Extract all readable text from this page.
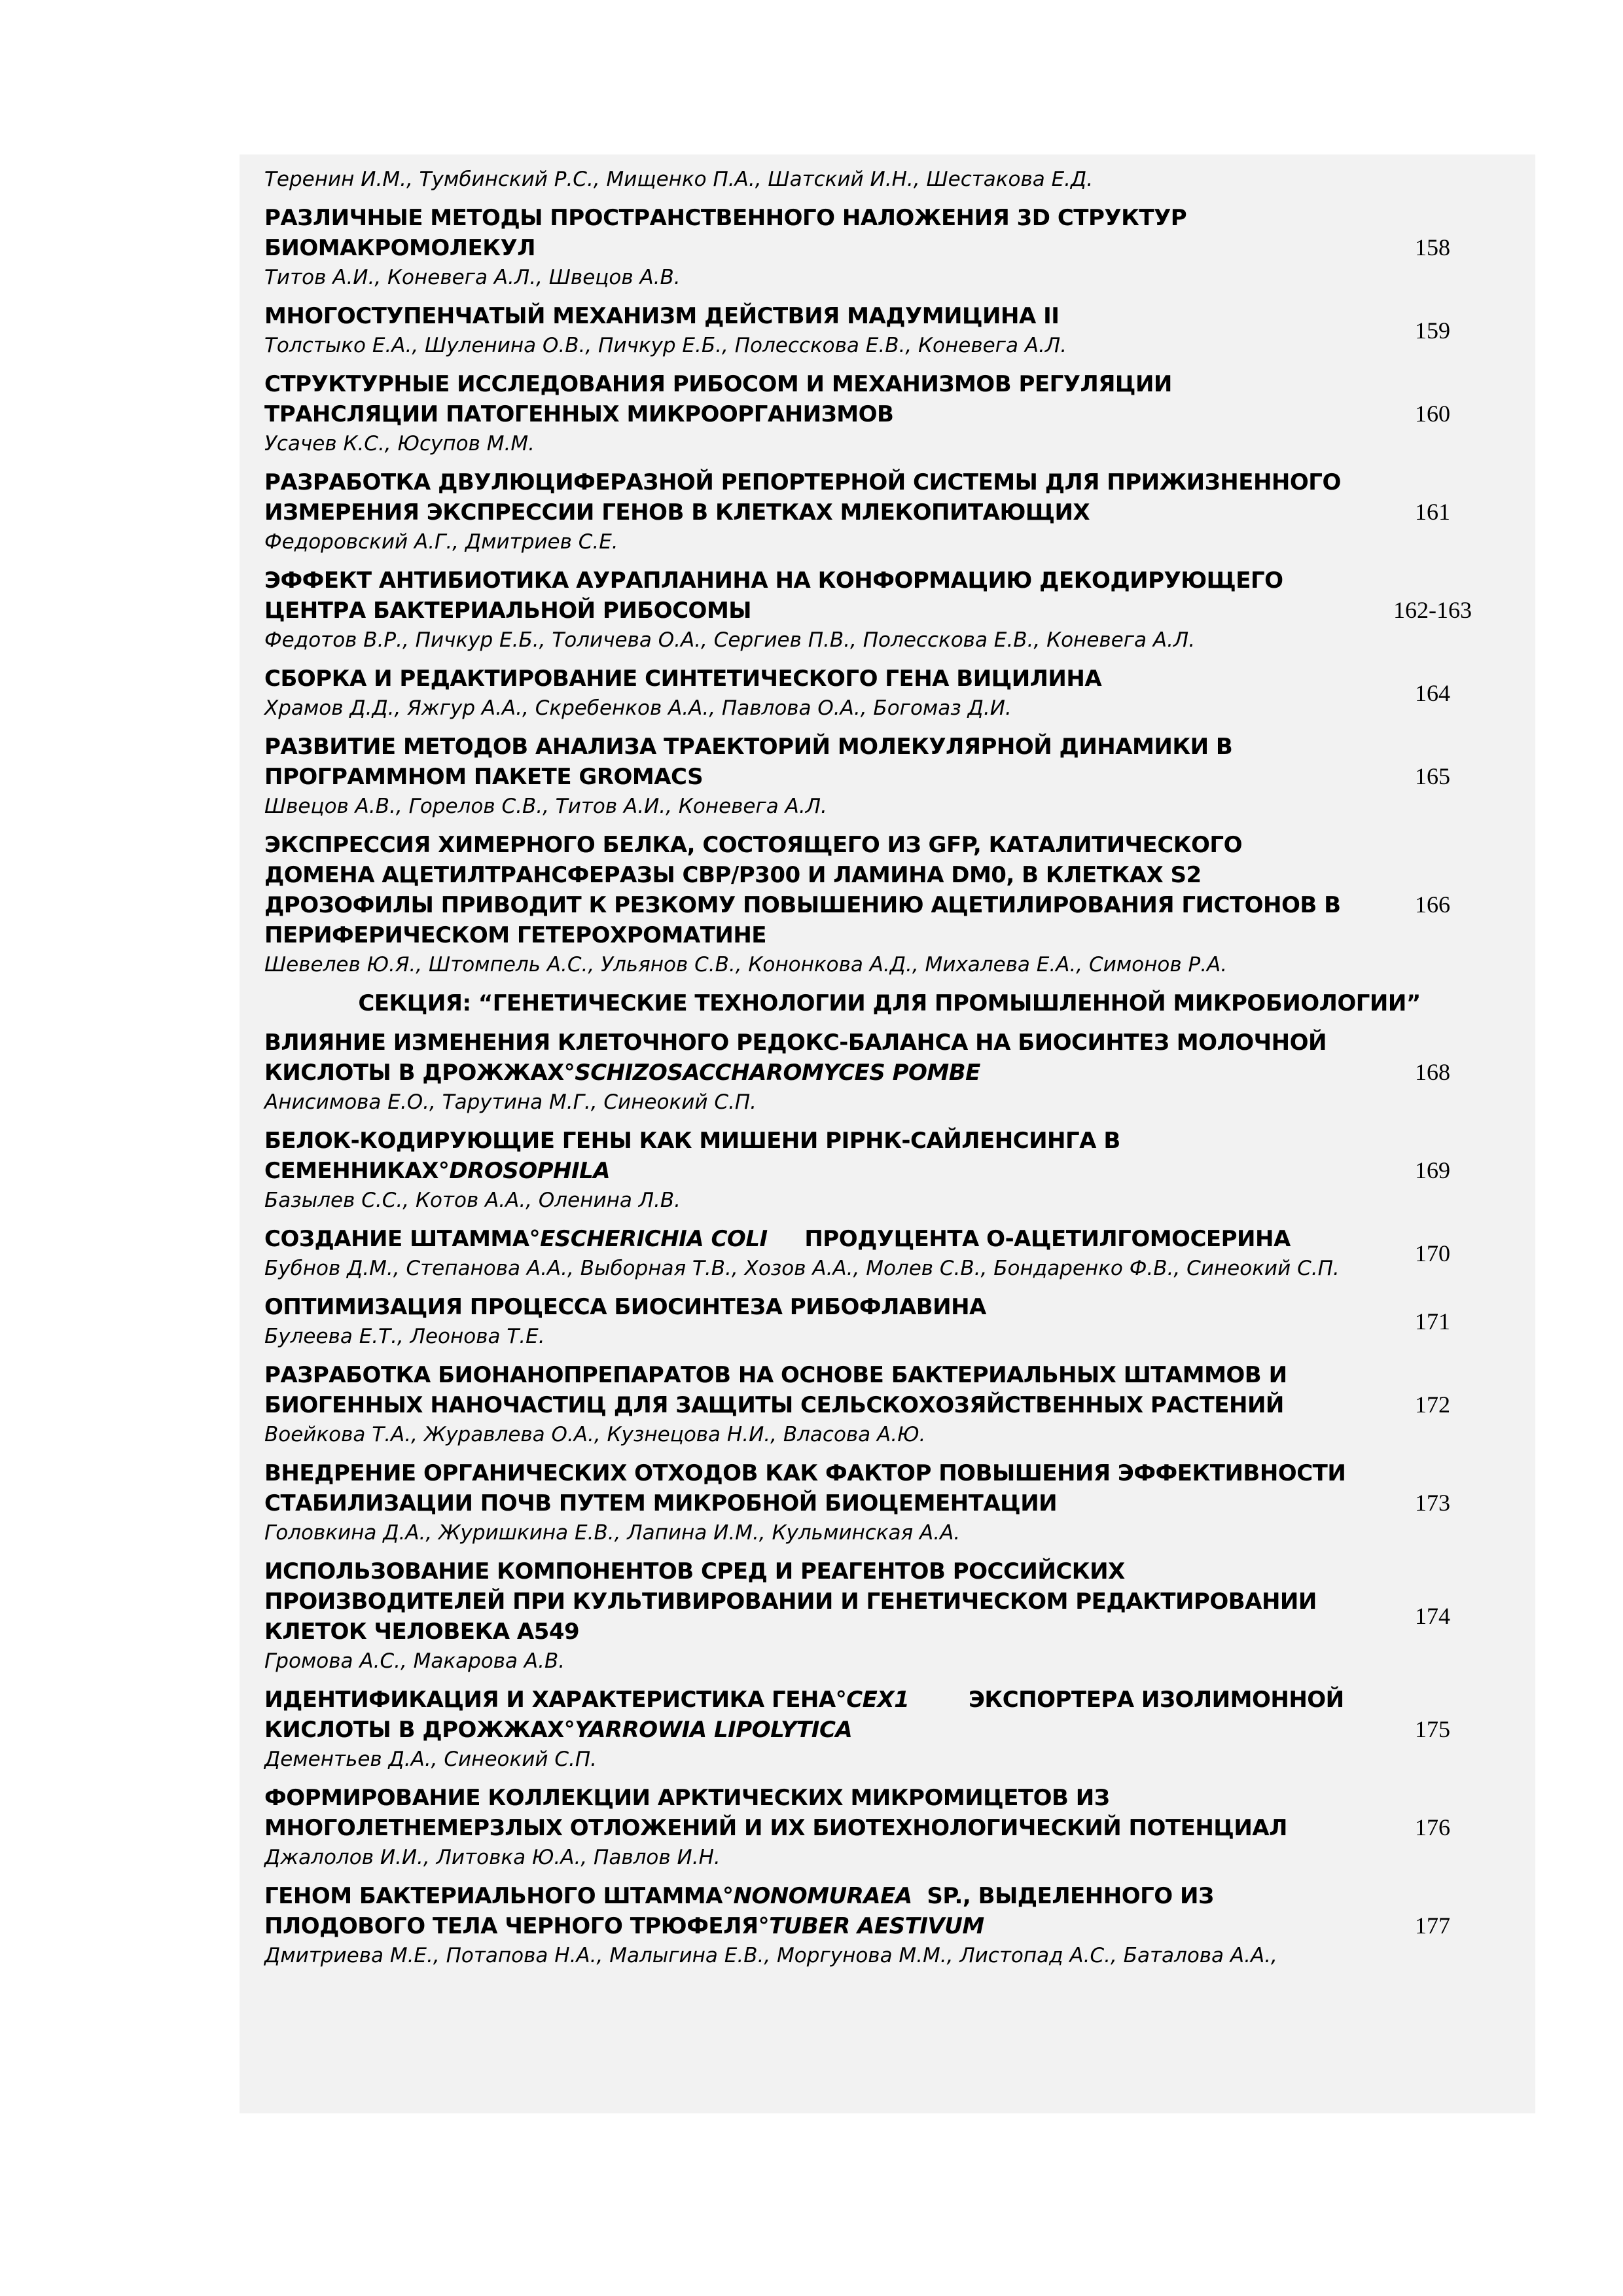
Теренин И.М., Тумбинский Р.С., Мищенко П.А., Шатский И.Н., Шестакова Е.Д.
РАЗЛИЧНЫЕ МЕТОДЫ ПРОСТРАНСТВЕННОГО НАЛОЖЕНИЯ 3D СТРУКТУР БИОМАКРОМОЛЕКУЛ
Титов А.И., Коневега А.Л., Швецов А.В.
158
МНОГОСТУПЕНЧАТЫЙ МЕХАНИЗМ ДЕЙСТВИЯ МАДУМИЦИНА II
Толстыко Е.А., Шуленина О.В., Пичкур Е.Б., Полесскова Е.В., Коневега А.Л.
159
СТРУКТУРНЫЕ ИССЛЕДОВАНИЯ РИБОСОМ И МЕХАНИЗМОВ РЕГУЛЯЦИИ ТРАНСЛЯЦИИ ПАТОГЕННЫХ МИКРООРГАНИЗМОВ
Усачев К.С., Юсупов М.М.
160
РАЗРАБОТКА ДВУЛЮЦИФЕРАЗНОЙ РЕПОРТЕРНОЙ СИСТЕМЫ ДЛЯ ПРИЖИЗНЕННОГО ИЗМЕРЕНИЯ ЭКСПРЕССИИ ГЕНОВ В КЛЕТКАХ МЛЕКОПИТАЮЩИХ
Федоровский А.Г., Дмитриев С.Е.
161
ЭФФЕКТ АНТИБИОТИКА АУРАПЛАНИНА НА КОНФОРМАЦИЮ ДЕКОДИРУЮЩЕГО ЦЕНТРА БАКТЕРИАЛЬНОЙ РИБОСОМЫ
Федотов В.Р., Пичкур Е.Б., Толичева О.А., Сергиев П.В., Полесскова Е.В., Коневега А.Л.
162-163
СБОРКА И РЕДАКТИРОВАНИЕ СИНТЕТИЧЕСКОГО ГЕНА ВИЦИЛИНА
Храмов Д.Д., Яжгур А.А., Скребенков А.А., Павлова О.А., Богомаз Д.И.
164
РАЗВИТИЕ МЕТОДОВ АНАЛИЗА ТРАЕКТОРИЙ МОЛЕКУЛЯРНОЙ ДИНАМИКИ В ПРОГРАММНОМ ПАКЕТЕ GROMACS
Швецов А.В., Горелов С.В., Титов А.И., Коневега А.Л.
165
ЭКСПРЕССИЯ ХИМЕРНОГО БЕЛКА, СОСТОЯЩЕГО ИЗ GFP, КАТАЛИТИЧЕСКОГО ДОМЕНА АЦЕТИЛТРАНСФЕРАЗЫ CBP/P300 И ЛАМИНА DM0, В КЛЕТКАХ S2 ДРОЗОФИЛЫ ПРИВОДИТ К РЕЗКОМУ ПОВЫШЕНИЮ АЦЕТИЛИРОВАНИЯ ГИСТОНОВ В ПЕРИФЕРИЧЕСКОМ ГЕТЕРОХРОМАТИНЕ
Шевелев Ю.Я., Штомпель А.С., Ульянов С.В., Кононкова А.Д., Михалева Е.А., Симонов Р.А.
166
СЕКЦИЯ: “ГЕНЕТИЧЕСКИЕ ТЕХНОЛОГИИ ДЛЯ ПРОМЫШЛЕННОЙ МИКРОБИОЛОГИИ”
ВЛИЯНИЕ ИЗМЕНЕНИЯ КЛЕТОЧНОГО РЕДОКС-БАЛАНСА НА БИОСИНТЕЗ МОЛОЧНОЙ КИСЛОТЫ В ДРОЖЖАХ°SCHIZOSACCHAROMYCES POMBE
Анисимова Е.О., Тарутина М.Г., Синеокий С.П.
168
БЕЛОК-КОДИРУЮЩИЕ ГЕНЫ КАК МИШЕНИ РIРНК-САЙЛЕНСИНГА В СЕМЕННИКАХ°DROSOPHILA
Базылев С.С., Котов А.А., Оленина Л.В.
169
СОЗДАНИЕ ШТАММА°ESCHERICHIA COLI     ПРОДУЦЕНТА О-АЦЕТИЛГОМОСЕРИНА
Бубнов Д.М., Степанова А.А., Выборная Т.В., Хозов А.А., Молев С.В., Бондаренко Ф.В., Синеокий С.П.
170
ОПТИМИЗАЦИЯ ПРОЦЕССА БИОСИНТЕЗА РИБОФЛАВИНА
Булеева Е.Т., Леонова Т.Е.
171
РАЗРАБОТКА БИОНАНОПРЕПАРАТОВ НА ОСНОВЕ БАКТЕРИАЛЬНЫХ ШТАММОВ И БИОГЕННЫХ НАНОЧАСТИЦ ДЛЯ ЗАЩИТЫ СЕЛЬСКОХОЗЯЙСТВЕННЫХ РАСТЕНИЙ
Воейкова Т.А., Журавлева О.А., Кузнецова Н.И., Власова А.Ю.
172
ВНЕДРЕНИЕ ОРГАНИЧЕСКИХ ОТХОДОВ КАК ФАКТОР ПОВЫШЕНИЯ ЭФФЕКТИВНОСТИ СТАБИЛИЗАЦИИ ПОЧВ ПУТЕМ МИКРОБНОЙ БИОЦЕМЕНТАЦИИ
Головкина Д.А., Журишкина Е.В., Лапина И.М., Кульминская А.А.
173
ИСПОЛЬЗОВАНИЕ КОМПОНЕНТОВ СРЕД И РЕАГЕНТОВ РОССИЙСКИХ ПРОИЗВОДИТЕЛЕЙ ПРИ КУЛЬТИВИРОВАНИИ И ГЕНЕТИЧЕСКОМ РЕДАКТИРОВАНИИ КЛЕТОК ЧЕЛОВЕКА А549
Громова А.С., Макарова А.В.
174
ИДЕНТИФИКАЦИЯ И ХАРАКТЕРИСТИКА ГЕНА°CEX1        ЭКСПОРТЕРА ИЗОЛИМОННОЙ КИСЛОТЫ В ДРОЖЖАХ°YARROWIA LIPOLYTICA
Дементьев Д.А., Синеокий С.П.
175
ФОРМИРОВАНИЕ КОЛЛЕКЦИИ АРКТИЧЕСКИХ МИКРОМИЦЕТОВ ИЗ МНОГОЛЕТНЕМЕРЗЛЫХ ОТЛОЖЕНИЙ И ИХ БИОТЕХНОЛОГИЧЕСКИЙ ПОТЕНЦИАЛ
Джалолов И.И., Литовка Ю.А., Павлов И.Н.
176
ГЕНОМ БАКТЕРИАЛЬНОГО ШТАММА°NONOMURAEA  SP., ВЫДЕЛЕННОГО ИЗ ПЛОДОВОГО ТЕЛА ЧЕРНОГО ТРЮФЕЛЯ°TUBER AESTIVUM
Дмитриева М.Е., Потапова Н.А., Малыгина Е.В., Моргунова М.М., Листопад А.С., Баталова А.А.,
177
